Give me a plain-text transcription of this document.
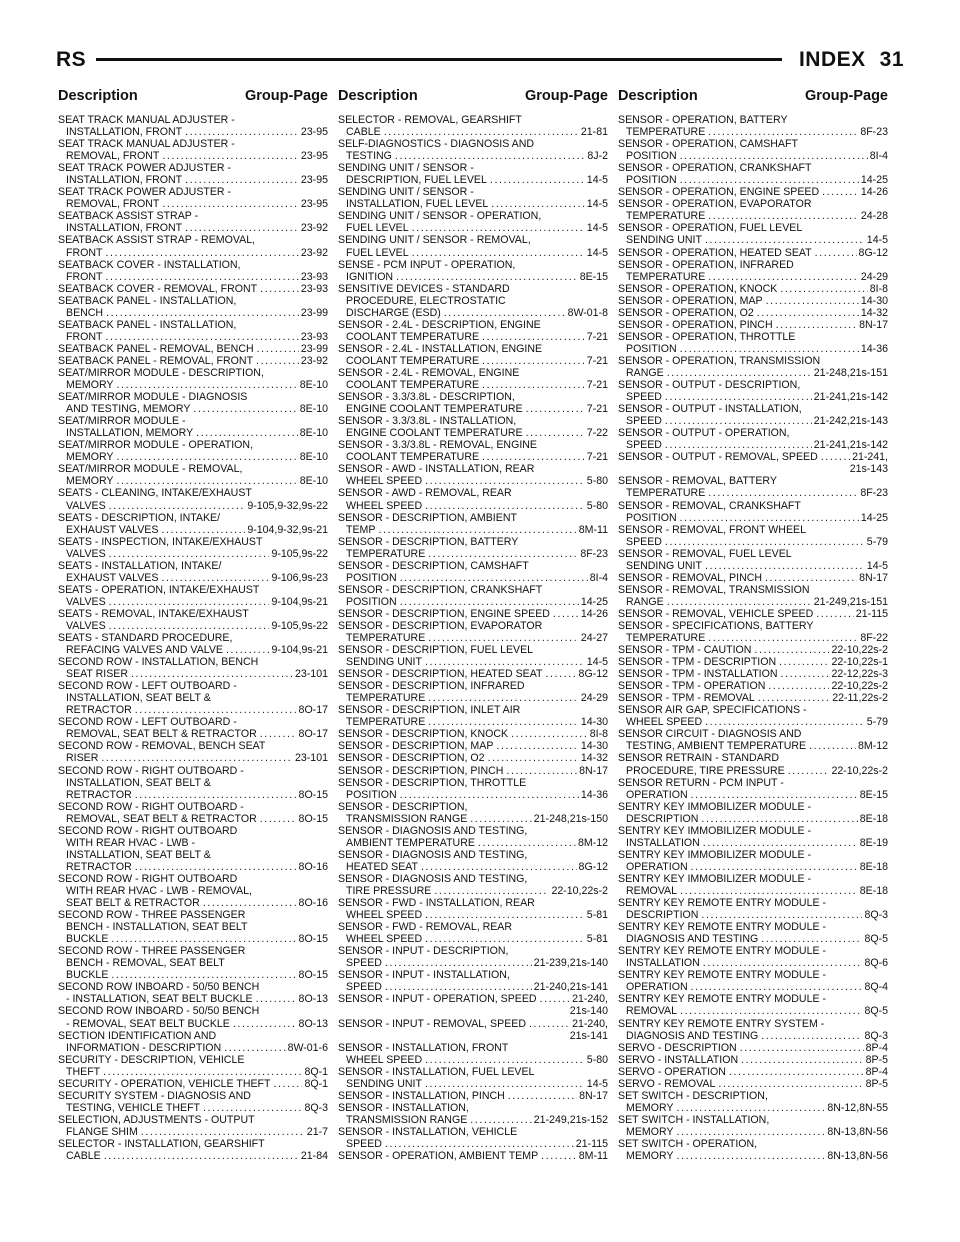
RS	INDEX 31
Description	Group-Page
SEAT TRACK MANUAL ADJUSTER -
INSTALLATION, FRONT .....	23-95
SEAT TRACK MANUAL ADJUSTER -
REMOVAL, FRONT .....	23-95
SEAT TRACK POWER ADJUSTER -
INSTALLATION, FRONT .....	23-95
SEAT TRACK POWER ADJUSTER -
REMOVAL, FRONT .....	23-95
SEATBACK ASSIST STRAP -
INSTALLATION, FRONT .....	23-92
SEATBACK ASSIST STRAP - REMOVAL,
FRONT .....	23-92
SEATBACK COVER - INSTALLATION,
FRONT .....	23-93
SEATBACK COVER - REMOVAL, FRONT .....	23-93
SEATBACK PANEL - INSTALLATION,
BENCH .....	23-99
SEATBACK PANEL - INSTALLATION,
FRONT .....	23-93
SEATBACK PANEL - REMOVAL, BENCH .....	23-99
SEATBACK PANEL - REMOVAL, FRONT .....	23-92
SEAT/MIRROR MODULE - DESCRIPTION,
MEMORY .....	8E-10
SEAT/MIRROR MODULE - DIAGNOSIS
AND TESTING, MEMORY .....	8E-10
SEAT/MIRROR MODULE -
INSTALLATION, MEMORY .....	8E-10
SEAT/MIRROR MODULE - OPERATION,
MEMORY .....	8E-10
SEAT/MIRROR MODULE - REMOVAL,
MEMORY .....	8E-10
SEATS - CLEANING, INTAKE/EXHAUST
VALVES .....	9-105,9-32,9s-22
SEATS - DESCRIPTION, INTAKE/
EXHAUST VALVES .....	9-104,9-32,9s-21
SEATS - INSPECTION, INTAKE/EXHAUST
VALVES .....	9-105,9s-22
SEATS - INSTALLATION, INTAKE/
EXHAUST VALVES .....	9-106,9s-23
SEATS - OPERATION, INTAKE/EXHAUST
VALVES .....	9-104,9s-21
SEATS - REMOVAL, INTAKE/EXHAUST
VALVES .....	9-105,9s-22
SEATS - STANDARD PROCEDURE,
REFACING VALVES AND VALVE .....	9-104,9s-21
SECOND ROW - INSTALLATION, BENCH
SEAT RISER .....	23-101
SECOND ROW - LEFT OUTBOARD -
INSTALLATION, SEAT BELT &
RETRACTOR .....	8O-17
SECOND ROW - LEFT OUTBOARD -
REMOVAL, SEAT BELT & RETRACTOR .....	8O-17
SECOND ROW - REMOVAL, BENCH SEAT
RISER .....	23-101
SECOND ROW - RIGHT OUTBOARD -
INSTALLATION, SEAT BELT &
RETRACTOR .....	8O-15
SECOND ROW - RIGHT OUTBOARD -
REMOVAL, SEAT BELT & RETRACTOR .....	8O-15
SECOND ROW - RIGHT OUTBOARD
WITH REAR HVAC - LWB -
INSTALLATION, SEAT BELT &
RETRACTOR .....	8O-16
SECOND ROW - RIGHT OUTBOARD
WITH REAR HVAC - LWB - REMOVAL,
SEAT BELT & RETRACTOR .....	8O-16
SECOND ROW - THREE PASSENGER
BENCH - INSTALLATION, SEAT BELT
BUCKLE .....	8O-15
SECOND ROW - THREE PASSENGER
BENCH - REMOVAL, SEAT BELT
BUCKLE .....	8O-15
SECOND ROW INBOARD - 50/50 BENCH
- INSTALLATION, SEAT BELT BUCKLE .....	8O-13
SECOND ROW INBOARD - 50/50 BENCH
- REMOVAL, SEAT BELT BUCKLE .....	8O-13
SECTION IDENTIFICATION AND
INFORMATION - DESCRIPTION .....	8W-01-6
SECURITY - DESCRIPTION, VEHICLE
THEFT .....	8Q-1
SECURITY - OPERATION, VEHICLE THEFT .....	8Q-1
SECURITY SYSTEM - DIAGNOSIS AND
TESTING, VEHICLE THEFT .....	8Q-3
SELECTION, ADJUSTMENTS - OUTPUT
FLANGE SHIM .....	21-7
SELECTOR - INSTALLATION, GEARSHIFT
CABLE .....	21-84
Description	Group-Page
SELECTOR - REMOVAL, GEARSHIFT
CABLE .....	21-81
SELF-DIAGNOSTICS - DIAGNOSIS AND
TESTING .....	8J-2
SENDING UNIT / SENSOR -
DESCRIPTION, FUEL LEVEL .....	14-5
SENDING UNIT / SENSOR -
INSTALLATION, FUEL LEVEL .....	14-5
SENDING UNIT / SENSOR - OPERATION,
FUEL LEVEL .....	14-5
SENDING UNIT / SENSOR - REMOVAL,
FUEL LEVEL .....	14-5
SENSE - PCM INPUT - OPERATION,
IGNITION .....	8E-15
SENSITIVE DEVICES - STANDARD
PROCEDURE, ELECTROSTATIC
DISCHARGE (ESD) .....	8W-01-8
SENSOR - 2.4L - DESCRIPTION, ENGINE
COOLANT TEMPERATURE .....	7-21
SENSOR - 2.4L - INSTALLATION, ENGINE
COOLANT TEMPERATURE .....	7-21
SENSOR - 2.4L - REMOVAL, ENGINE
COOLANT TEMPERATURE .....	7-21
SENSOR - 3.3/3.8L - DESCRIPTION,
ENGINE COOLANT TEMPERATURE .....	7-21
SENSOR - 3.3/3.8L - INSTALLATION,
ENGINE COOLANT TEMPERATURE .....	7-22
SENSOR - 3.3/3.8L - REMOVAL, ENGINE
COOLANT TEMPERATURE .....	7-21
SENSOR - AWD - INSTALLATION, REAR
WHEEL SPEED .....	5-80
SENSOR - AWD - REMOVAL, REAR
WHEEL SPEED .....	5-80
SENSOR - DESCRIPTION, AMBIENT
TEMP .....	8M-11
SENSOR - DESCRIPTION, BATTERY
TEMPERATURE .....	8F-23
SENSOR - DESCRIPTION, CAMSHAFT
POSITION .....	8I-4
SENSOR - DESCRIPTION, CRANKSHAFT
POSITION .....	14-25
SENSOR - DESCRIPTION, ENGINE SPEED .....	14-26
SENSOR - DESCRIPTION, EVAPORATOR
TEMPERATURE .....	24-27
SENSOR - DESCRIPTION, FUEL LEVEL
SENDING UNIT .....	14-5
SENSOR - DESCRIPTION, HEATED SEAT .....	8G-12
SENSOR - DESCRIPTION, INFRARED
TEMPERATURE .....	24-29
SENSOR - DESCRIPTION, INLET AIR
TEMPERATURE .....	14-30
SENSOR - DESCRIPTION, KNOCK .....	8I-8
SENSOR - DESCRIPTION, MAP .....	14-30
SENSOR - DESCRIPTION, O2 .....	14-32
SENSOR - DESCRIPTION, PINCH .....	8N-17
SENSOR - DESCRIPTION, THROTTLE
POSITION .....	14-36
SENSOR - DESCRIPTION,
TRANSMISSION RANGE .....	21-248,21s-150
SENSOR - DIAGNOSIS AND TESTING,
AMBIENT TEMPERATURE .....	8M-12
SENSOR - DIAGNOSIS AND TESTING,
HEATED SEAT .....	8G-12
SENSOR - DIAGNOSIS AND TESTING,
TIRE PRESSURE .....	22-10,22s-2
SENSOR - FWD - INSTALLATION, REAR
WHEEL SPEED .....	5-81
SENSOR - FWD - REMOVAL, REAR
WHEEL SPEED .....	5-81
SENSOR - INPUT - DESCRIPTION,
SPEED .....	21-239,21s-140
SENSOR - INPUT - INSTALLATION,
SPEED .....	21-240,21s-141
SENSOR - INPUT - OPERATION, SPEED .....	21-240,
21s-140
SENSOR - INPUT - REMOVAL, SPEED .....	21-240,
21s-141
SENSOR - INSTALLATION, FRONT
WHEEL SPEED .....	5-80
SENSOR - INSTALLATION, FUEL LEVEL
SENDING UNIT .....	14-5
SENSOR - INSTALLATION, PINCH .....	8N-17
SENSOR - INSTALLATION,
TRANSMISSION RANGE .....	21-249,21s-152
SENSOR - INSTALLATION, VEHICLE
SPEED .....	21-115
SENSOR - OPERATION, AMBIENT TEMP .....	8M-11
Description	Group-Page
SENSOR - OPERATION, BATTERY
TEMPERATURE .....	8F-23
SENSOR - OPERATION, CAMSHAFT
POSITION .....	8I-4
SENSOR - OPERATION, CRANKSHAFT
POSITION .....	14-25
SENSOR - OPERATION, ENGINE SPEED .....	14-26
SENSOR - OPERATION, EVAPORATOR
TEMPERATURE .....	24-28
SENSOR - OPERATION, FUEL LEVEL
SENDING UNIT .....	14-5
SENSOR - OPERATION, HEATED SEAT .....	8G-12
SENSOR - OPERATION, INFRARED
TEMPERATURE .....	24-29
SENSOR - OPERATION, KNOCK .....	8I-8
SENSOR - OPERATION, MAP .....	14-30
SENSOR - OPERATION, O2 .....	14-32
SENSOR - OPERATION, PINCH .....	8N-17
SENSOR - OPERATION, THROTTLE
POSITION .....	14-36
SENSOR - OPERATION, TRANSMISSION
RANGE .....	21-248,21s-151
SENSOR - OUTPUT - DESCRIPTION,
SPEED .....	21-241,21s-142
SENSOR - OUTPUT - INSTALLATION,
SPEED .....	21-242,21s-143
SENSOR - OUTPUT - OPERATION,
SPEED .....	21-241,21s-142
SENSOR - OUTPUT - REMOVAL, SPEED .....	21-241,
21s-143
SENSOR - REMOVAL, BATTERY
TEMPERATURE .....	8F-23
SENSOR - REMOVAL, CRANKSHAFT
POSITION .....	14-25
SENSOR - REMOVAL, FRONT WHEEL
SPEED .....	5-79
SENSOR - REMOVAL, FUEL LEVEL
SENDING UNIT .....	14-5
SENSOR - REMOVAL, PINCH .....	8N-17
SENSOR - REMOVAL, TRANSMISSION
RANGE .....	21-249,21s-151
SENSOR - REMOVAL, VEHICLE SPEED .....	21-115
SENSOR - SPECIFICATIONS, BATTERY
TEMPERATURE .....	8F-22
SENSOR - TPM - CAUTION .....	22-10,22s-2
SENSOR - TPM - DESCRIPTION .....	22-10,22s-1
SENSOR - TPM - INSTALLATION .....	22-12,22s-3
SENSOR - TPM - OPERATION .....	22-10,22s-2
SENSOR - TPM - REMOVAL .....	22-11,22s-2
SENSOR AIR GAP, SPECIFICATIONS -
WHEEL SPEED .....	5-79
SENSOR CIRCUIT - DIAGNOSIS AND
TESTING, AMBIENT TEMPERATURE .....	8M-12
SENSOR RETRAIN - STANDARD
PROCEDURE, TIRE PRESSURE .....	22-10,22s-2
SENSOR RETURN - PCM INPUT -
OPERATION .....	8E-15
SENTRY KEY IMMOBILIZER MODULE -
DESCRIPTION .....	8E-18
SENTRY KEY IMMOBILIZER MODULE -
INSTALLATION .....	8E-19
SENTRY KEY IMMOBILIZER MODULE -
OPERATION .....	8E-18
SENTRY KEY IMMOBILIZER MODULE -
REMOVAL .....	8E-18
SENTRY KEY REMOTE ENTRY MODULE -
DESCRIPTION .....	8Q-3
SENTRY KEY REMOTE ENTRY MODULE -
DIAGNOSIS AND TESTING .....	8Q-5
SENTRY KEY REMOTE ENTRY MODULE -
INSTALLATION .....	8Q-6
SENTRY KEY REMOTE ENTRY MODULE -
OPERATION .....	8Q-4
SENTRY KEY REMOTE ENTRY MODULE -
REMOVAL .....	8Q-5
SENTRY KEY REMOTE ENTRY SYSTEM -
DIAGNOSIS AND TESTING .....	8Q-3
SERVO - DESCRIPTION .....	8P-4
SERVO - INSTALLATION .....	8P-5
SERVO - OPERATION .....	8P-4
SERVO - REMOVAL .....	8P-5
SET SWITCH - DESCRIPTION,
MEMORY .....	8N-12,8N-55
SET SWITCH - INSTALLATION,
MEMORY .....	8N-13,8N-56
SET SWITCH - OPERATION,
MEMORY .....	8N-13,8N-56
